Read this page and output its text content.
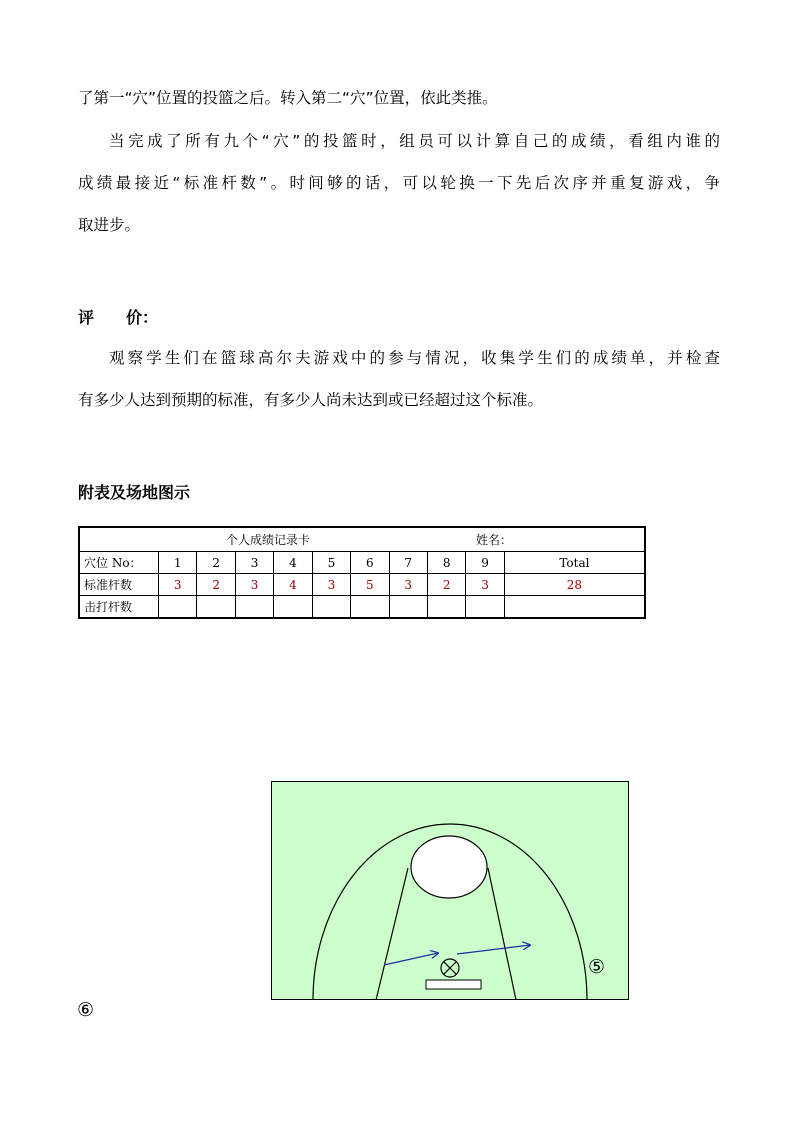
了第一“穴”位置的投篮之后。转入第二“穴”位置，依此类推。

当完成了所有九个“穴”的投篮时，组员可以计算自己的成绩，看组内谁的
成绩最接近“标准杆数”。时间够的话，可以轮换一下先后次序并重复游戏，争
取进步。

评　　价：

观察学生们在篮球高尔夫游戏中的参与情况，收集学生们的成绩单，并检查
有多少人达到预期的标准，有多少人尚未达到或已经超过这个标准。

附表及场地图示
个人成绩记录卡 姓名：										

穴位 No：	1	2	3	4	5	6	7	8	9	Total
标准杆数	3	2	3	4	3	5	3	2	3	28
击打杆数										
⑤
⑥
